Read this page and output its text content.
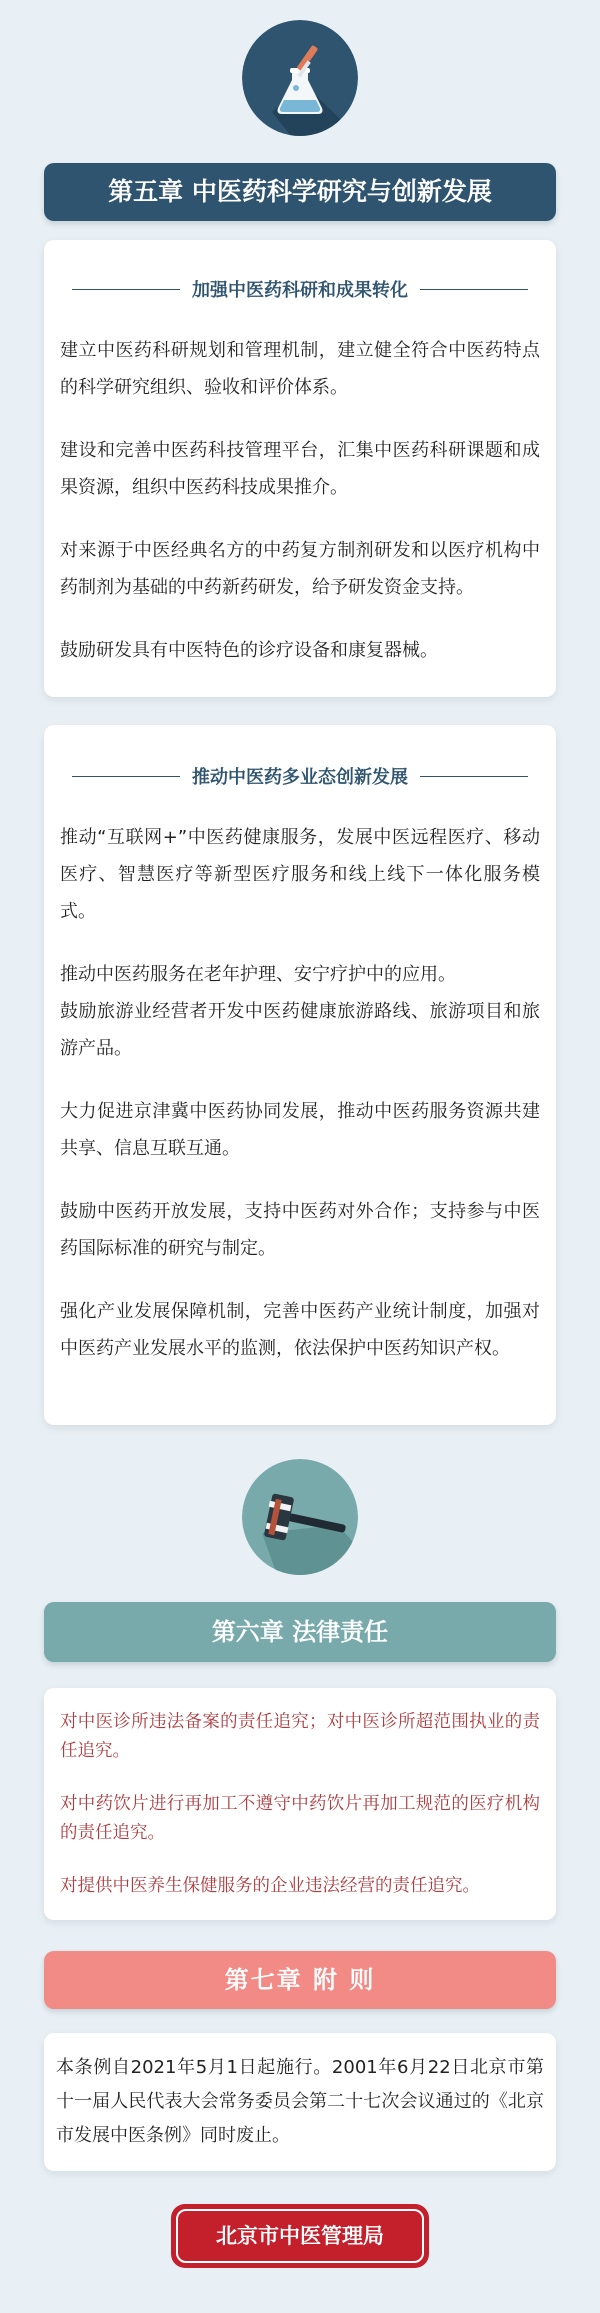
第五章 中医药科学研究与创新发展
加强中医药科研和成果转化

建立中医药科研规划和管理机制，建立健全符合中医药特点的科学研究组织、验收和评价体系。

建设和完善中医药科技管理平台，汇集中医药科研课题和成果资源，组织中医药科技成果推介。

对来源于中医经典名方的中药复方制剂研发和以医疗机构中药制剂为基础的中药新药研发，给予研发资金支持。

鼓励研发具有中医特色的诊疗设备和康复器械。

推动中医药多业态创新发展

推动“互联网+”中医药健康服务，发展中医远程医疗、移动医疗、智慧医疗等新型医疗服务和线上线下一体化服务模式。

推动中医药服务在老年护理、安宁疗护中的应用。

鼓励旅游业经营者开发中医药健康旅游路线、旅游项目和旅游产品。

大力促进京津冀中医药协同发展，推动中医药服务资源共建共享、信息互联互通。

鼓励中医药开放发展，支持中医药对外合作；支持参与中医药国际标准的研究与制定。

强化产业发展保障机制，完善中医药产业统计制度，加强对中医药产业发展水平的监测，依法保护中医药知识产权。

第六章 法律责任

对中医诊所违法备案的责任追究；对中医诊所超范围执业的责任追究。

对中药饮片进行再加工不遵守中药饮片再加工规范的医疗机构的责任追究。

对提供中医养生保健服务的企业违法经营的责任追究。

第七章 附 则

本条例自2021年5月1日起施行。2001年6月22日北京市第十一届人民代表大会常务委员会第二十七次会议通过的《北京市发展中医条例》同时废止。

北京市中医管理局
